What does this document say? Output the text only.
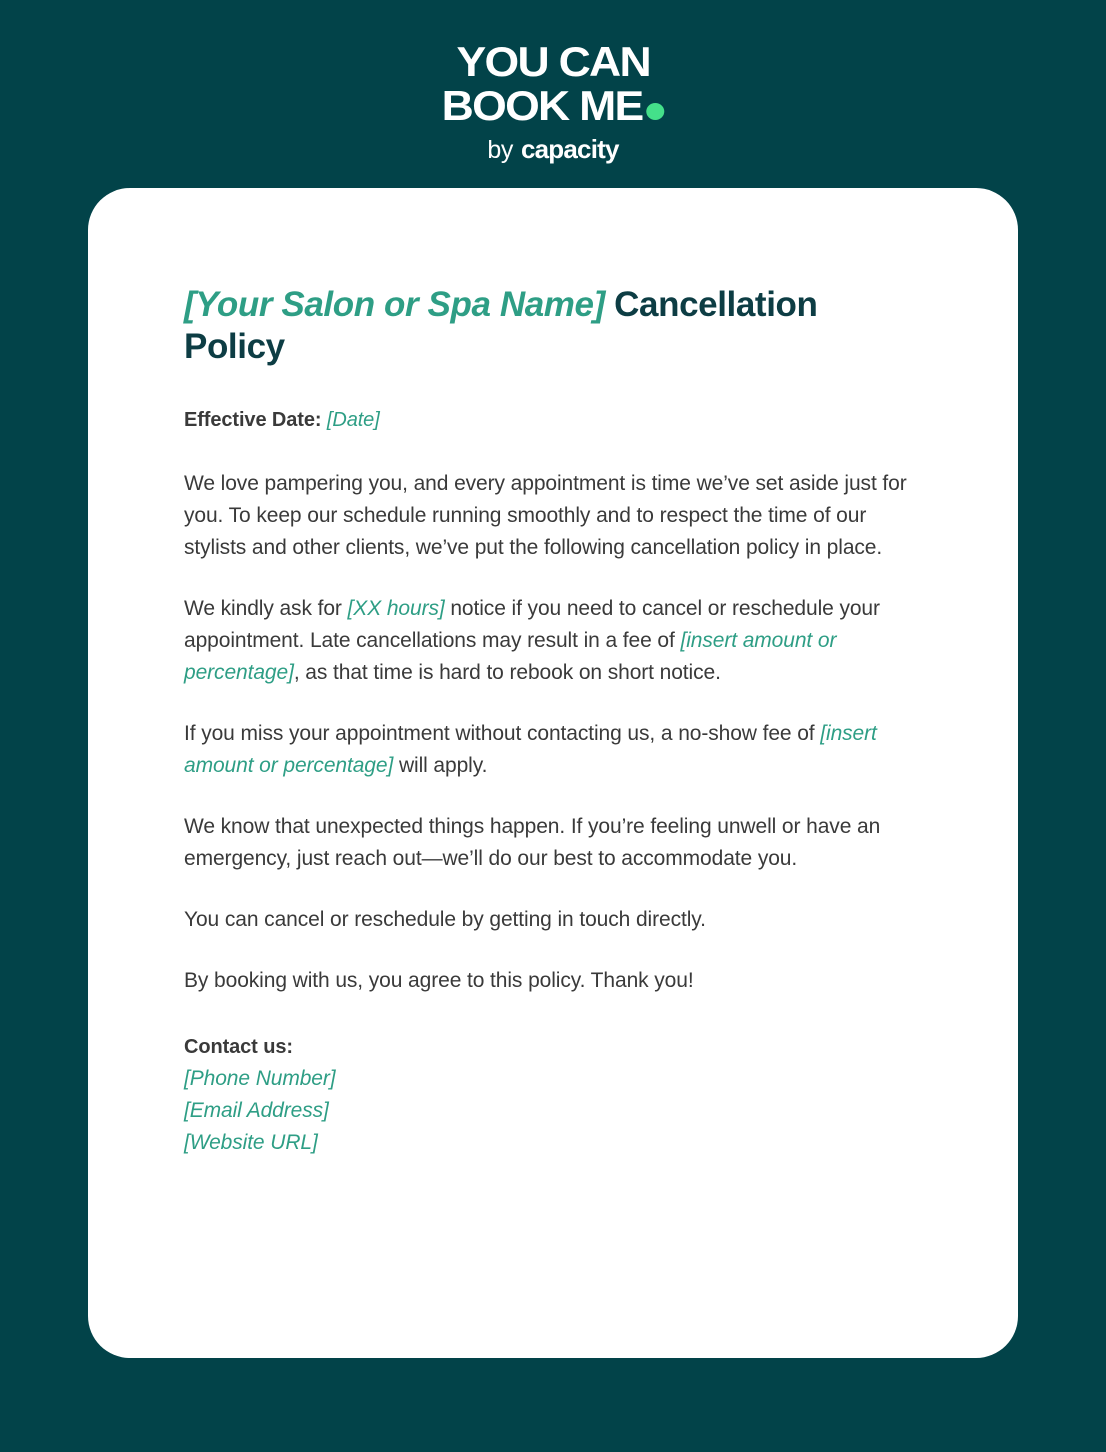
YOU CAN
BOOK ME
by capacity
[Your Salon or Spa Name] Cancellation Policy

Effective Date: [Date]

We love pampering you, and every appointment is time we’ve set aside just for you. To keep our schedule running smoothly and to respect the time of our stylists and other clients, we’ve put the following cancellation policy in place.

We kindly ask for [XX hours] notice if you need to cancel or reschedule your appointment. Late cancellations may result in a fee of [insert amount or percentage], as that time is hard to rebook on short notice.

If you miss your appointment without contacting us, a no-show fee of [insert amount or percentage] will apply.

We know that unexpected things happen. If you’re feeling unwell or have an emergency, just reach out—we’ll do our best to accommodate you.

You can cancel or reschedule by getting in touch directly.

By booking with us, you agree to this policy. Thank you!

Contact us:
[Phone Number]
[Email Address]
[Website URL]
